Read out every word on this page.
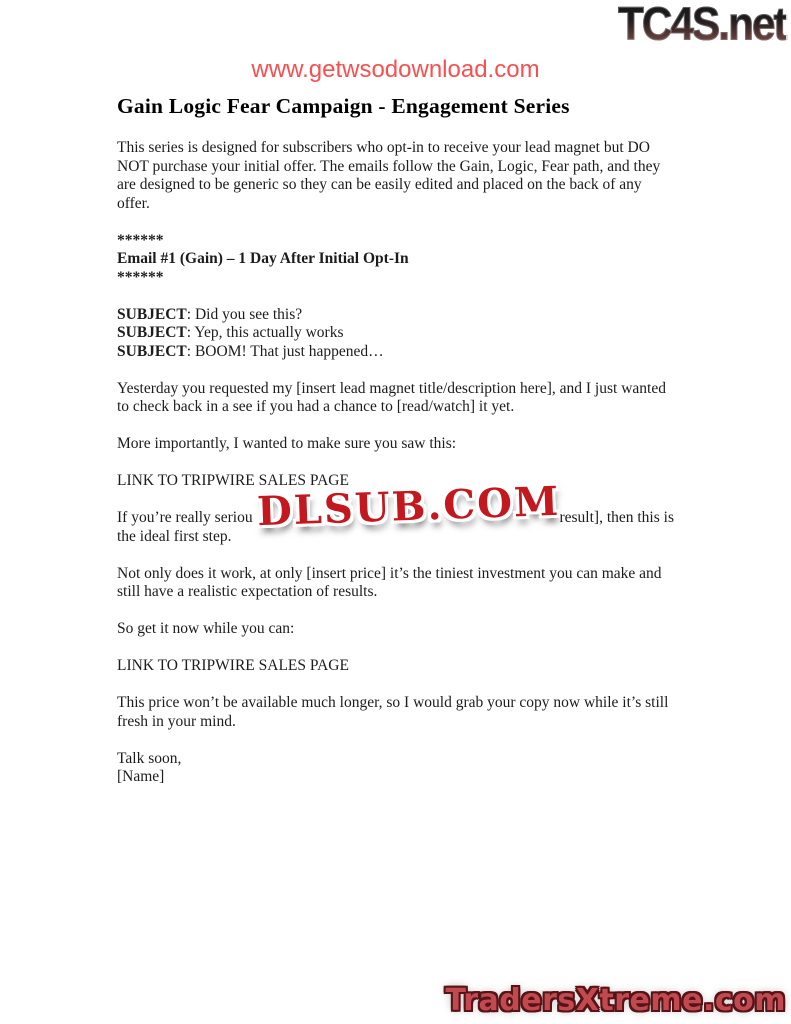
TC4S.net
www.getwsodownload.com
Gain Logic Fear Campaign - Engagement Series

This series is designed for subscribers who opt-in to receive your lead magnet but DO NOT purchase your initial offer. The emails follow the Gain, Logic, Fear path, and they are designed to be generic so they can be easily edited and placed on the back of any offer.

******
Email #1 (Gain) – 1 Day After Initial Opt-In
******
SUBJECT: Did you see this?
SUBJECT: Yep, this actually works
SUBJECT: BOOM! That just happened…

Yesterday you requested my [insert lead magnet title/description here], and I just wanted to check back in a see if you had a chance to [read/watch] it yet.

More importantly, I wanted to make sure you saw this:

LINK TO TRIPWIRE SALES PAGE

If you’re really seriou	result], then this is
the ideal first step.

Not only does it work, at only [insert price] it’s the tiniest investment you can make and still have a realistic expectation of results.

So get it now while you can:

LINK TO TRIPWIRE SALES PAGE

This price won’t be available much longer, so I would grab your copy now while it’s still fresh in your mind.

Talk soon,
[Name]
DLSUB.COM
TradersXtreme.com
